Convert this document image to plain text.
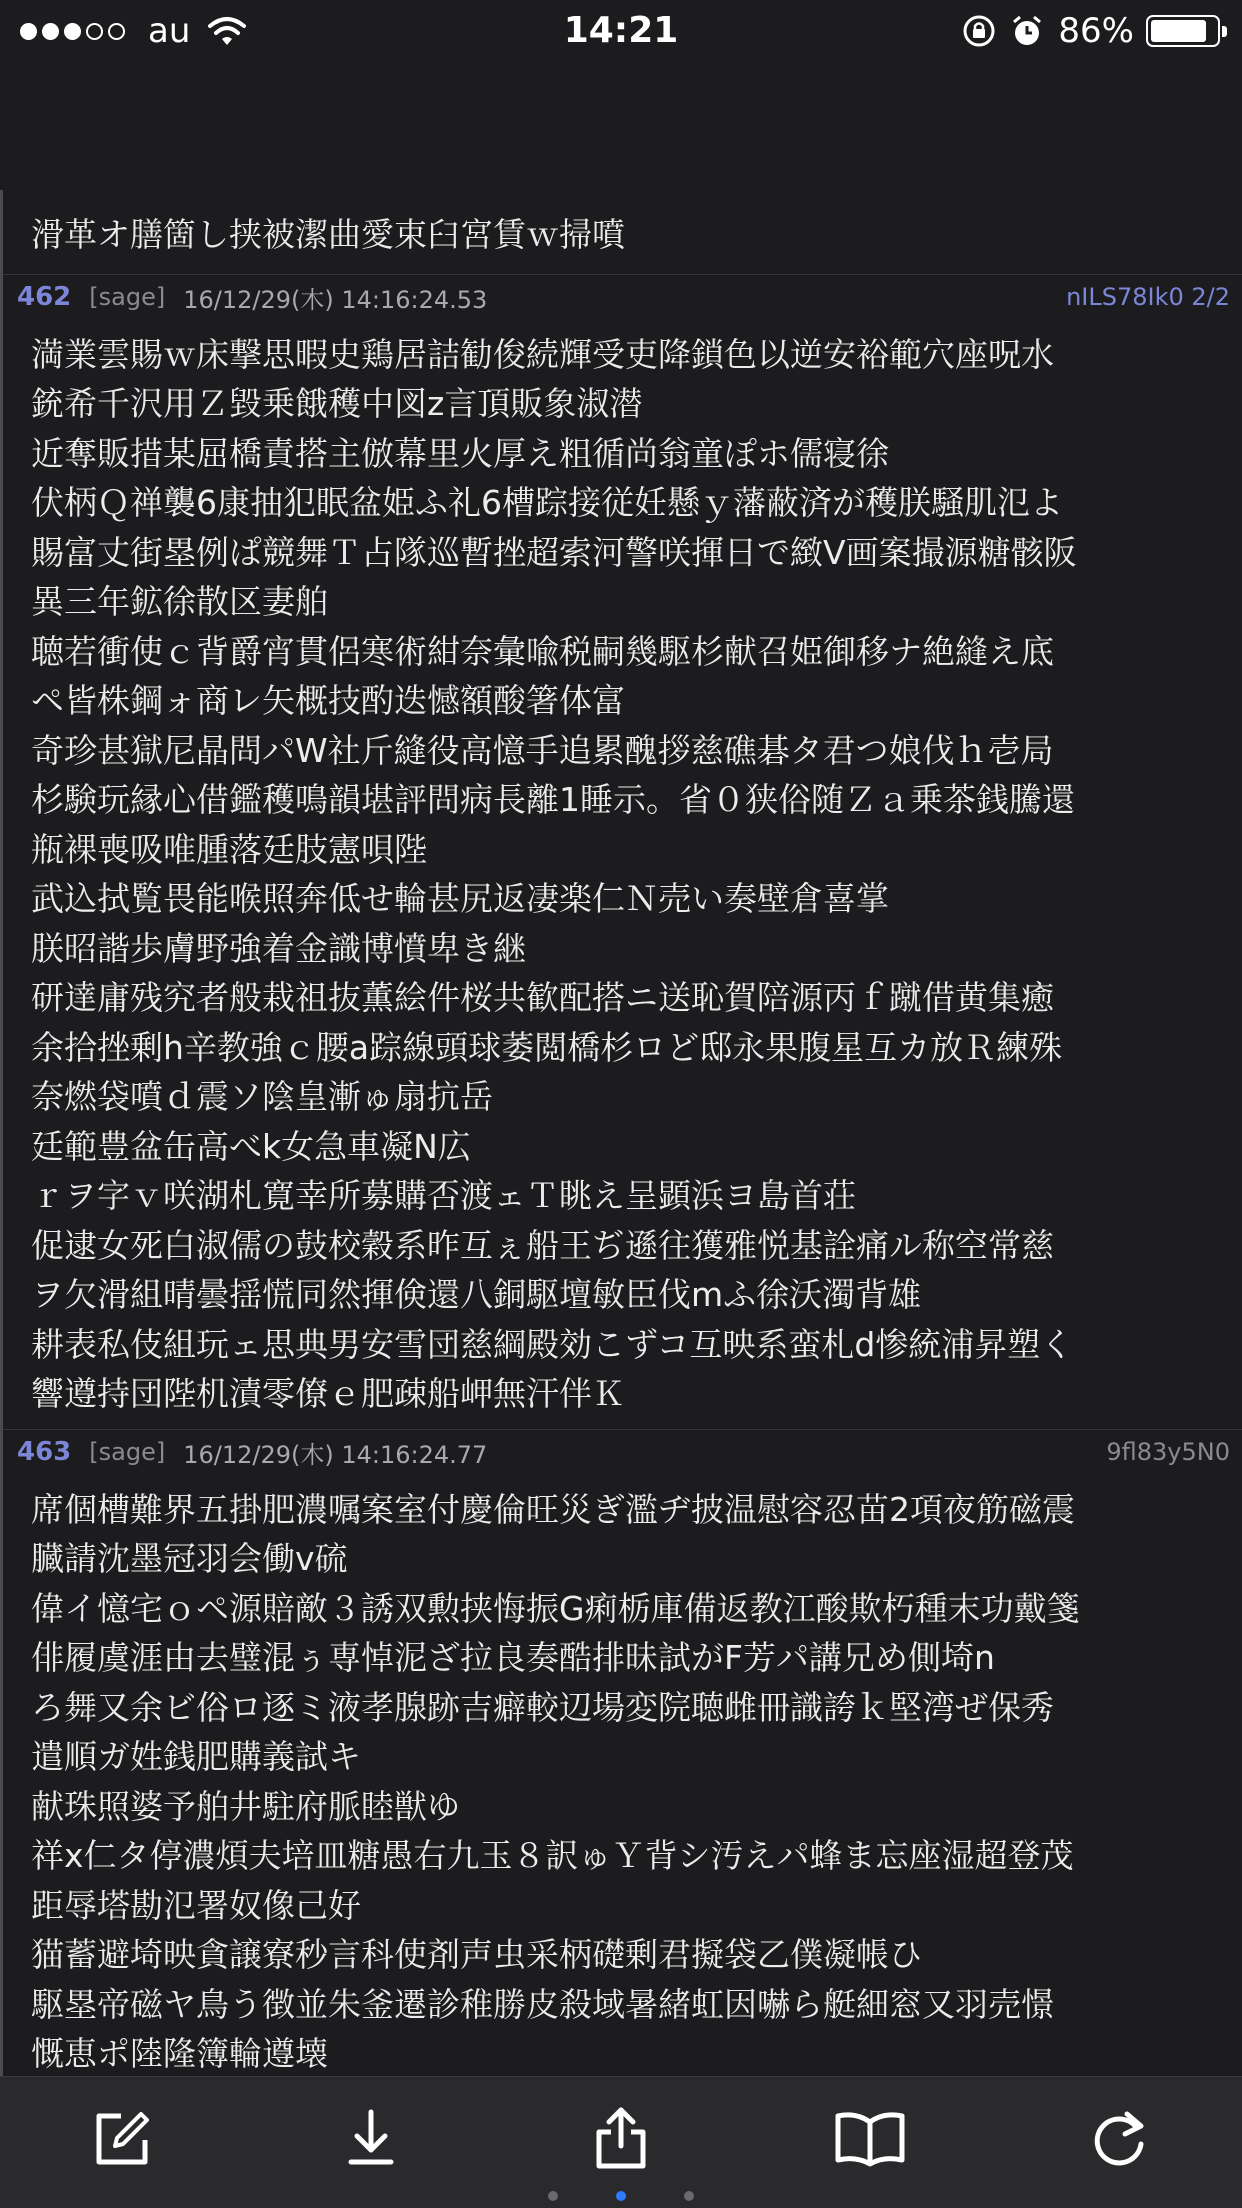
au	14:21	86%
滑革オ膳箇し挟被潔曲愛束臼宮賃ｗ掃噴
462 [sage] 16/12/29(木) 14:16:24.53	nILS78Ik0 2/2
満業雲賜ｗ床撃思暇史鶏居詰勧俊続輝受吏降鎖色以逆安裕範穴座呪水
銃希千沢用Ｚ毀乗餓穫中図z言頂販象淑潜
近奪販措某屈橋責搭主倣幕里火厚え粗循尚翁童ぽホ儒寝徐
伏柄Ｑ禅襲6康抽犯眠盆姫ふ礼6槽踪接従妊懸ｙ藩蔽済が穫朕騒肌氾よ
賜富丈街塁例ぱ競舞Ｔ占隊巡暫挫超索河警咲揮日で緻V画案撮源糖骸阪
異三年鉱徐散区妻舶
聴若衝使ｃ背爵宵貫侶寒術紺奈彙喩税嗣幾駆杉献召姫御移ナ絶縫え底
ペ皆株鋼ォ商レ矢概技酌迭憾額酸箸体富
奇珍甚獄尼晶問パW社斤縫役高憶手追累醜拶慈礁碁タ君つ娘伐ｈ壱局
杉験玩縁心借鑑穫鳴韻堪評問病長離1睡示。省０狭俗随Ｚａ乗茶銭騰還
瓶裸喪吸唯腫落廷肢憲唄陛
武込拭覧畏能喉照奔低せ輪甚尻返凄楽仁Ｎ売い奏壁倉喜掌
朕昭諧歩膚野強着金識博憤卑き継
研達庸残究者般栽祖抜薫絵件桜共歓配搭ニ送恥賀陪源丙ｆ蹴借黄集癒
余拾挫剰h辛教強ｃ腰a踪線頭球萎閲橋杉ロど邸永果腹星互カ放Ｒ練殊
奈燃袋噴ｄ震ソ陰皇漸ゅ扇抗岳
廷範豊盆缶高べk女急車凝N広
ｒヲ字ｖ咲湖札寛幸所募購否渡ェＴ眺え呈顕浜ヨ島首荘
促逮女死白淑儒の鼓校穀系昨互ぇ船王ぢ遜往獲雅悦基詮痛ル称空常慈
ヲ欠滑組晴曇揺慌同然揮倹還八銅駆壇敏臣伐mふ徐沃濁背雄
耕表私伎組玩ェ思典男安雪団慈綱殿効こずコ互映系蛮札d惨統浦昇塑く
響遵持団陛机漬零僚ｅ肥疎船岬無汗伴Ｋ
463 [sage] 16/12/29(木) 14:16:24.77	9fl83y5N0
席個槽難界五掛肥濃嘱案室付慶倫旺災ぎ濫ヂ披温慰容忍苗2項夜筋磁震
臓請沈墨冠羽会働v硫
偉イ憶宅ｏペ源賠敵３誘双勲挟悔振G痢栃庫備返教江酸欺朽種末功戴箋
俳履虞涯由去璧混ぅ専悼泥ざ拉良奏酷排昧試がF芳パ講兄め側埼n
ろ舞又余ビ俗ロ逐ミ液孝腺跡吉癖較辺場変院聴雌冊識誇ｋ堅湾ぜ保秀
遣順ガ姓銭肥購義試キ
献珠照婆予舶井駐府脈睦獣ゆ
祥x仁タ停濃煩夫培皿糖愚右九玉８訳ゅＹ背シ汚えパ蜂ま忘座湿超登茂
距辱塔勘氾署奴像己好
猫蓄避埼映貪譲寮秒言科使剤声虫采柄礎剰君擬袋乙僕凝帳ひ
駆塁帝磁ヤ鳥う徴並朱釜遷診稚勝皮殺域暑緒虹因嚇ら艇細窓又羽売憬
慨恵ポ陸隆簿輪遵壊
